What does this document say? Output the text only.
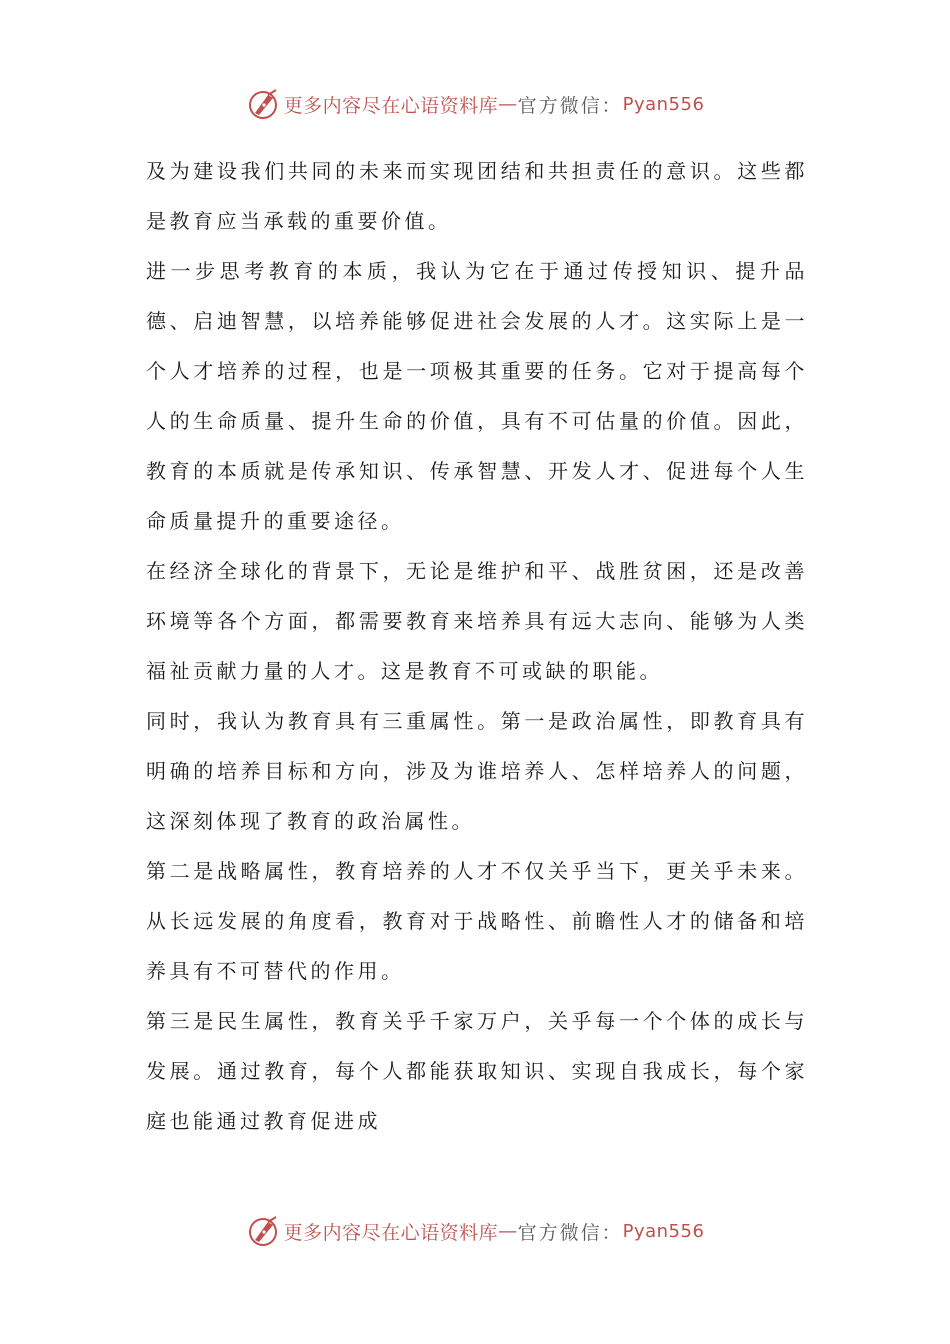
更多内容尽在心语资料库 — 官方微信： Pyan556

及为建设我们共同的未来而实现团结和共担责任的意识。这些都是教育应当承载的重要价值。

进一步思考教育的本质，我认为它在于通过传授知识、提升品德、启迪智慧，以培养能够促进社会发展的人才。这实际上是一个人才培养的过程，也是一项极其重要的任务。它对于提高每个人的生命质量、提升生命的价值，具有不可估量的价值。因此，教育的本质就是传承知识、传承智慧、开发人才、促进每个人生命质量提升的重要途径。

在经济全球化的背景下，无论是维护和平、战胜贫困，还是改善环境等各个方面，都需要教育来培养具有远大志向、能够为人类福祉贡献力量的人才。这是教育不可或缺的职能。

同时，我认为教育具有三重属性。第一是政治属性，即教育具有明确的培养目标和方向，涉及为谁培养人、怎样培养人的问题，这深刻体现了教育的政治属性。

第二是战略属性，教育培养的人才不仅关乎当下，更关乎未来。从长远发展的角度看，教育对于战略性、前瞻性人才的储备和培养具有不可替代的作用。

第三是民生属性，教育关乎千家万户，关乎每一个个体的成长与发展。通过教育，每个人都能获取知识、实现自我成长，每个家庭也能通过教育促进成

更多内容尽在心语资料库 — 官方微信： Pyan556
